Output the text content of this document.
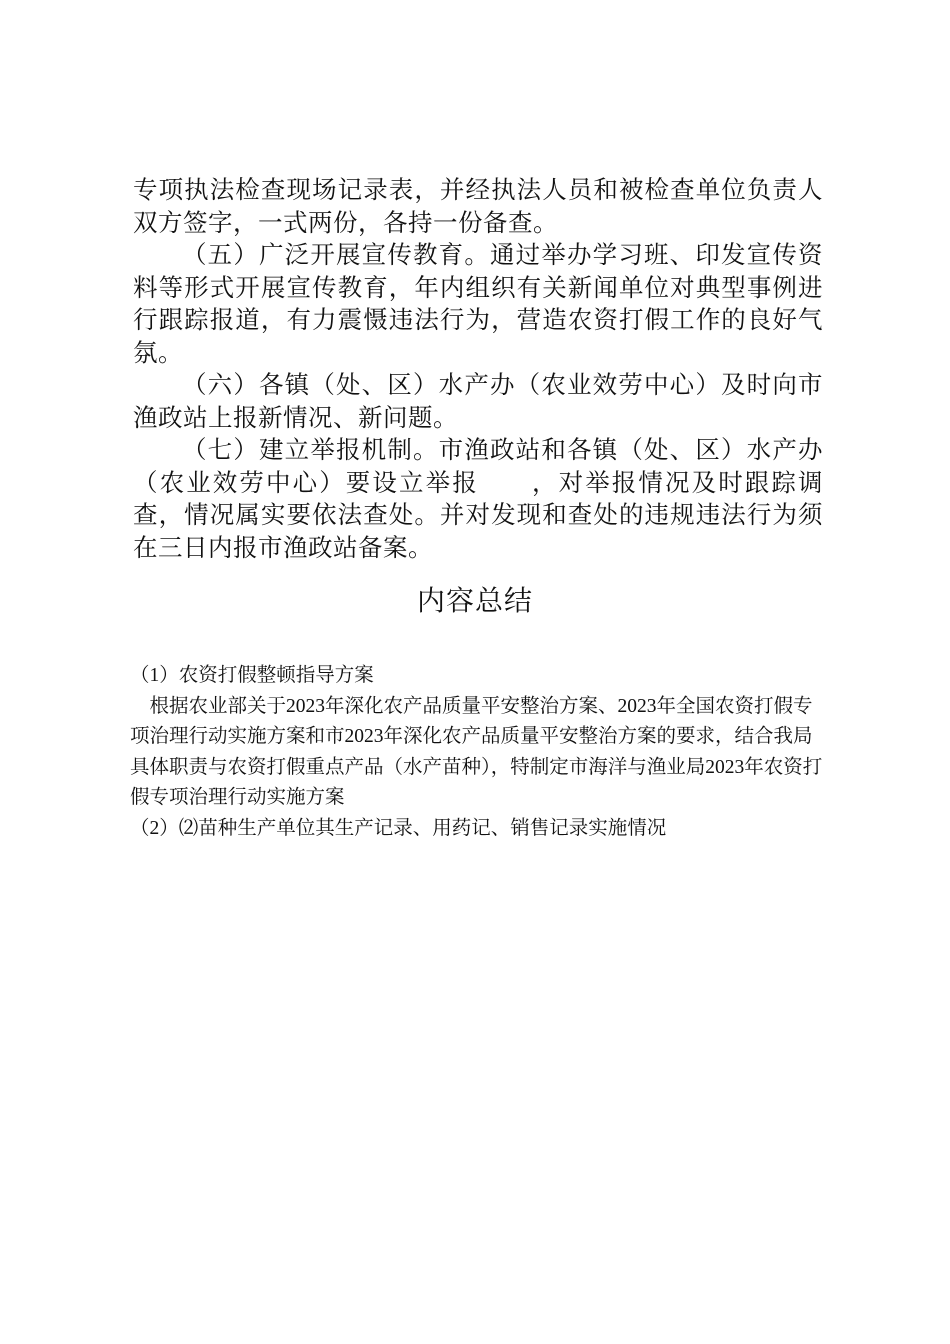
专项执法检查现场记录表，并经执法人员和被检查单位负责人双方签字，一式两份，各持一份备查。

（五）广泛开展宣传教育。通过举办学习班、印发宣传资料等形式开展宣传教育，年内组织有关新闻单位对典型事例进行跟踪报道，有力震慑违法行为，营造农资打假工作的良好气氛。

（六）各镇（处、区）水产办（农业效劳中心）及时向市渔政站上报新情况、新问题。

（七）建立举报机制。市渔政站和各镇（处、区）水产办（农业效劳中心）要设立举报　　，对举报情况及时跟踪调查，情况属实要依法查处。并对发现和查处的违规违法行为须在三日内报市渔政站备案。

内容总结

（1）农资打假整顿指导方案

根据农业部关于2023年深化农产品质量平安整治方案、2023年全国农资打假专项治理行动实施方案和市2023年深化农产品质量平安整治方案的要求，结合我局具体职责与农资打假重点产品（水产苗种），特制定市海洋与渔业局2023年农资打假专项治理行动实施方案

（2）⑵苗种生产单位其生产记录、用药记、销售记录实施情况
